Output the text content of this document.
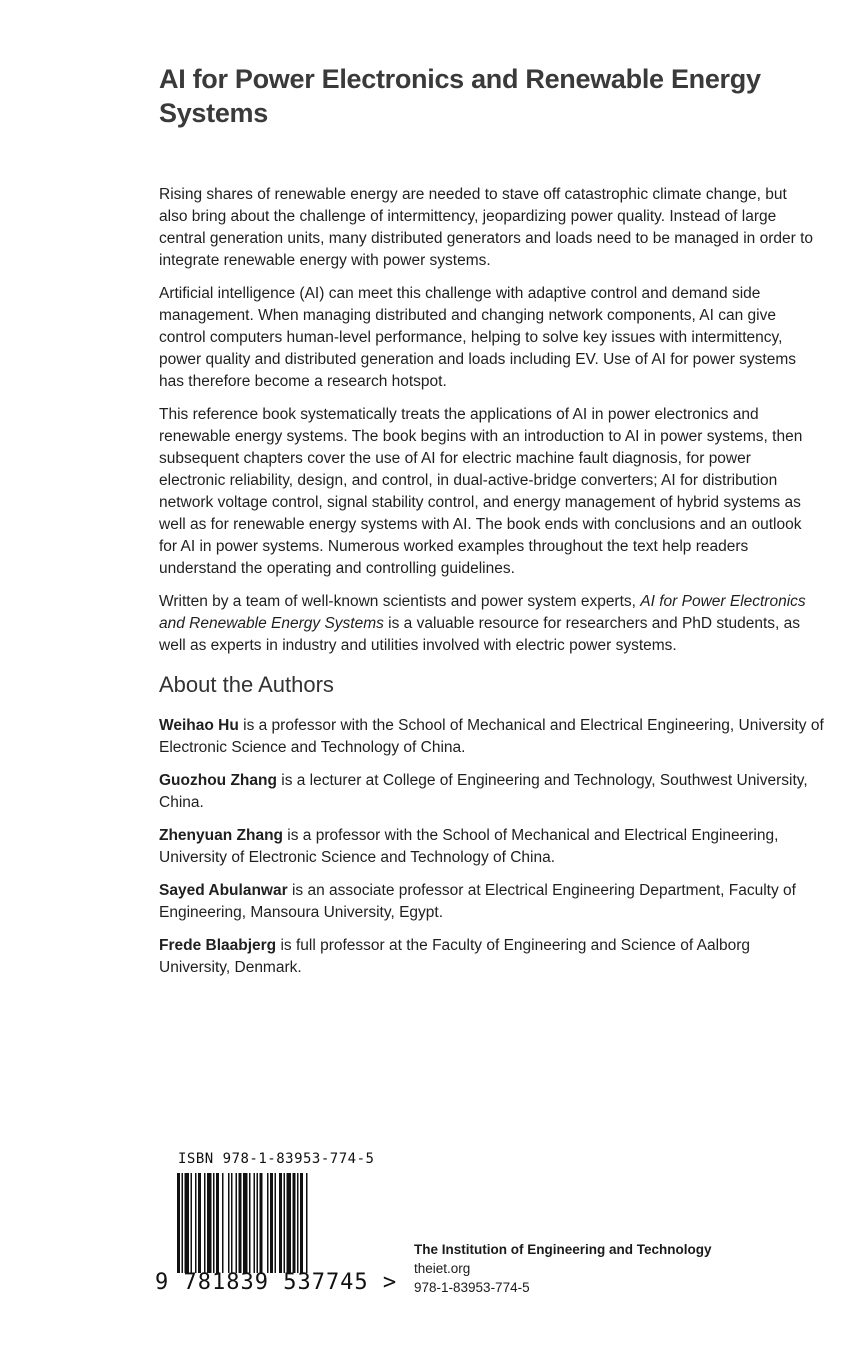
AI for Power Electronics and Renewable Energy Systems

Rising shares of renewable energy are needed to stave off catastrophic climate change, but also bring about the challenge of intermittency, jeopardizing power quality. Instead of large central generation units, many distributed generators and loads need to be managed in order to integrate renewable energy with power systems.

Artificial intelligence (AI) can meet this challenge with adaptive control and demand side management. When managing distributed and changing network components, AI can give control computers human-level performance, helping to solve key issues with intermittency, power quality and distributed generation and loads including EV. Use of AI for power systems has therefore become a research hotspot.

This reference book systematically treats the applications of AI in power electronics and renewable energy systems. The book begins with an introduction to AI in power systems, then subsequent chapters cover the use of AI for electric machine fault diagnosis, for power electronic reliability, design, and control, in dual-active-bridge converters; AI for distribution network voltage control, signal stability control, and energy management of hybrid systems as well as for renewable energy systems with AI. The book ends with conclusions and an outlook for AI in power systems. Numerous worked examples throughout the text help readers understand the operating and controlling guidelines.

Written by a team of well-known scientists and power system experts, AI for Power Electronics and Renewable Energy Systems is a valuable resource for researchers and PhD students, as well as experts in industry and utilities involved with electric power systems.

About the Authors

Weihao Hu is a professor with the School of Mechanical and Electrical Engineering, University of Electronic Science and Technology of China.

Guozhou Zhang is a lecturer at College of Engineering and Technology, Southwest University, China.

Zhenyuan Zhang is a professor with the School of Mechanical and Electrical Engineering, University of Electronic Science and Technology of China.

Sayed Abulanwar is an associate professor at Electrical Engineering Department, Faculty of Engineering, Mansoura University, Egypt.

Frede Blaabjerg is full professor at the Faculty of Engineering and Science of Aalborg University, Denmark.

ISBN 978-1-83953-774-5
9 781839 537745 >
The Institution of Engineering and Technology
theiet.org
978-1-83953-774-5
